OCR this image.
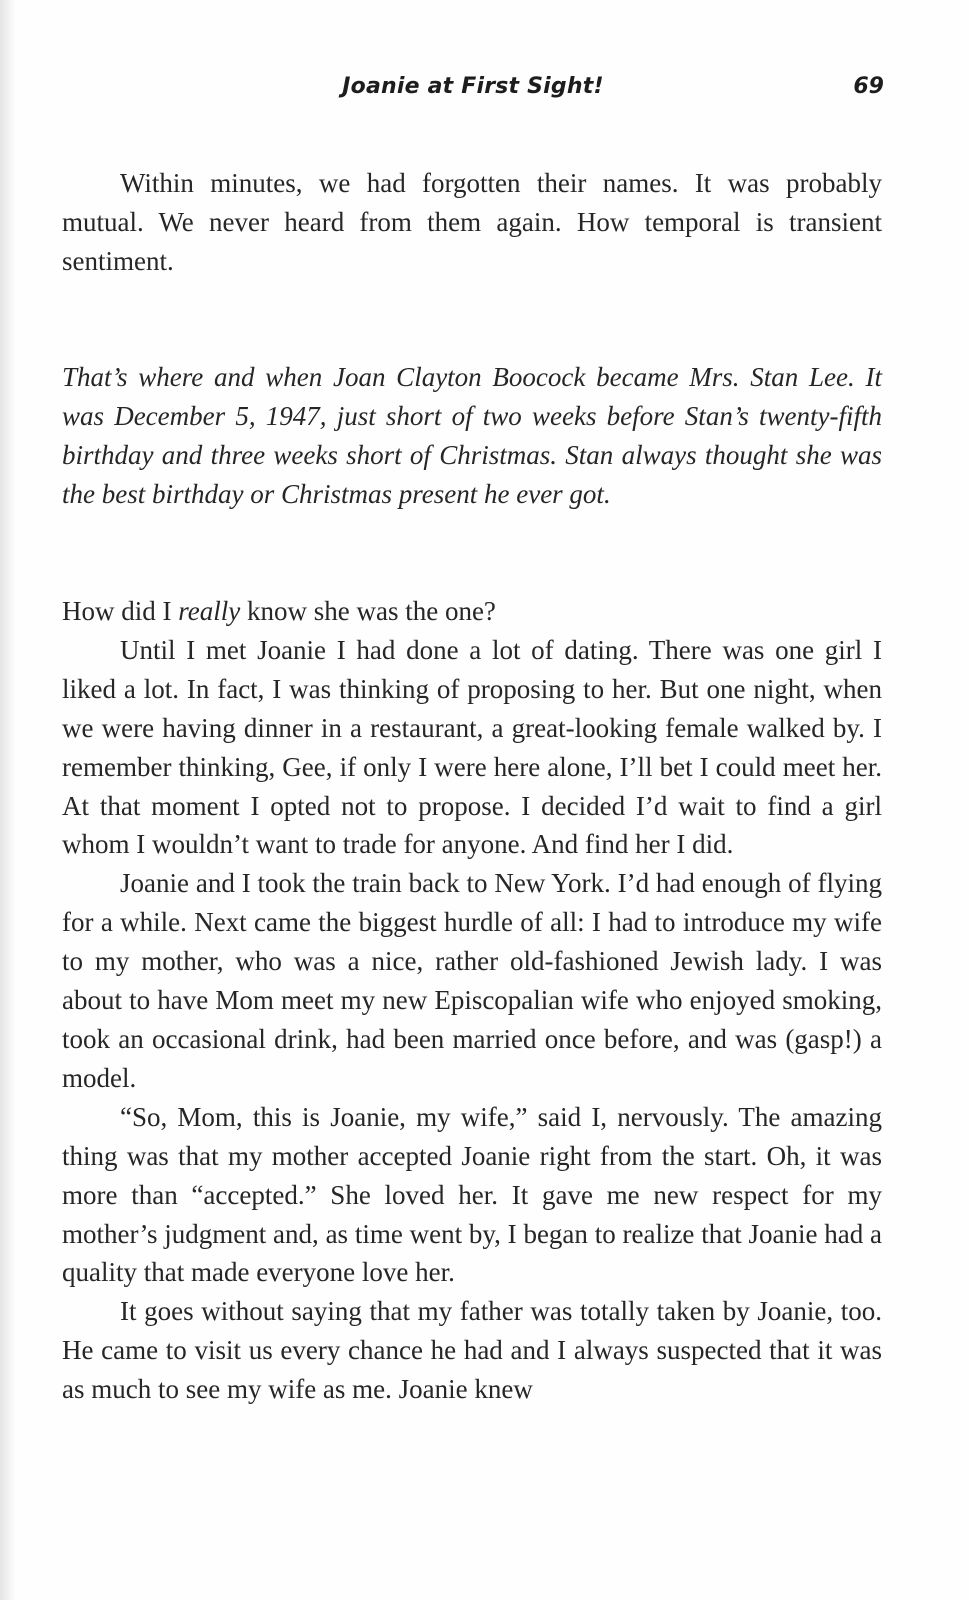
Joanie at First Sight!	69

Within minutes, we had forgotten their names. It was probably mutual. We never heard from them again. How temporal is transient sentiment.

That’s where and when Joan Clayton Boocock became Mrs. Stan Lee. It was December 5, 1947, just short of two weeks before Stan’s twenty-fifth birthday and three weeks short of Christmas. Stan always thought she was the best birthday or Christmas present he ever got.

How did I really know she was the one?

Until I met Joanie I had done a lot of dating. There was one girl I liked a lot. In fact, I was thinking of proposing to her. But one night, when we were having dinner in a restaurant, a great-looking female walked by. I remember thinking, Gee, if only I were here alone, I’ll bet I could meet her. At that moment I opted not to propose. I decided I’d wait to find a girl whom I wouldn’t want to trade for anyone. And find her I did.

Joanie and I took the train back to New York. I’d had enough of flying for a while. Next came the biggest hurdle of all: I had to introduce my wife to my mother, who was a nice, rather old-fashioned Jewish lady. I was about to have Mom meet my new Episcopalian wife who enjoyed smoking, took an occasional drink, had been married once before, and was (gasp!) a model.

“So, Mom, this is Joanie, my wife,” said I, nervously. The amazing thing was that my mother accepted Joanie right from the start. Oh, it was more than “accepted.” She loved her. It gave me new respect for my mother’s judgment and, as time went by, I began to realize that Joanie had a quality that made everyone love her.

It goes without saying that my father was totally taken by Joanie, too. He came to visit us every chance he had and I always suspected that it was as much to see my wife as me. Joanie knew
